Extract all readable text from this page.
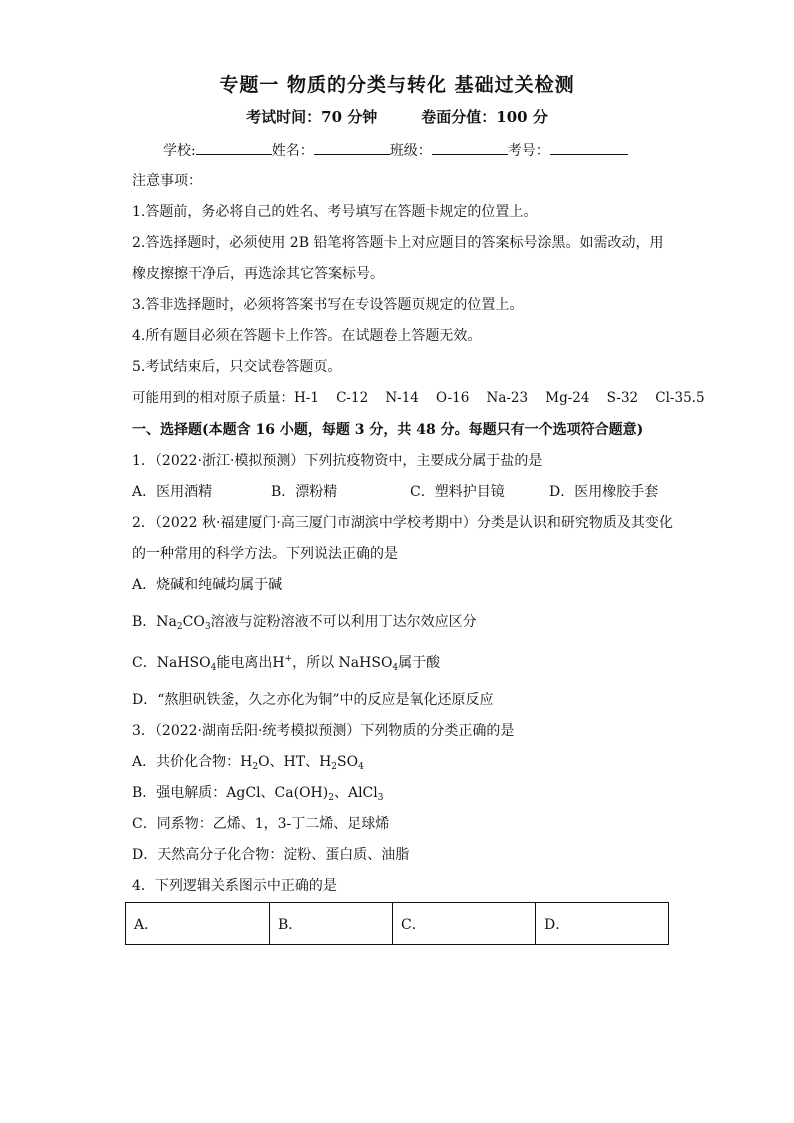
专题一 物质的分类与转化 基础过关检测
考试时间：70 分钟	卷面分值：100 分
学校:	姓名：	班级：	考号：
注意事项：
1.答题前，务必将自己的姓名、考号填写在答题卡规定的位置上。
2.答选择题时，必须使用 2B 铅笔将答题卡上对应题目的答案标号涂黑。如需改动，用
橡皮擦擦干净后，再选涂其它答案标号。
3.答非选择题时，必须将答案书写在专设答题页规定的位置上。
4.所有题目必须在答题卡上作答。在试题卷上答题无效。
5.考试结束后，只交试卷答题页。
可能用到的相对原子质量：H-1    C-12    N-14    O-16    Na-23    Mg-24    S-32    Cl-35.5
一、选择题(本题含 16 小题，每题 3 分，共 48 分。每题只有一个选项符合题意)
1．（2022·浙江·模拟预测）下列抗疫物资中，主要成分属于盐的是
A．医用酒精	B．漂粉精	C．塑料护目镜	D．医用橡胶手套
2．（2022 秋·福建厦门·高三厦门市湖滨中学校考期中）分类是认识和研究物质及其变化
的一种常用的科学方法。下列说法正确的是
A．烧碱和纯碱均属于碱
B．$Na_2CO_3$溶液与淀粉溶液不可以利用丁达尔效应区分
C．NaHSO$_4$能电离出H+，所以 NaHSO$_4$属于酸
D．“熬胆矾铁釜，久之亦化为铜”中的反应是氧化还原反应
3．（2022·湖南岳阳·统考模拟预测）下列物质的分类正确的是
A．共价化合物：$H_2O$、HT、$H_2SO_4$
B．强电解质：AgCl、$Ca(OH)_2$、AlCl$_3$
C．同系物：乙烯、1，3-丁二烯、足球烯
D．天然高分子化合物：淀粉、蛋白质、油脂
4．下列逻辑关系图示中正确的是
A．	B．	C．	D．
